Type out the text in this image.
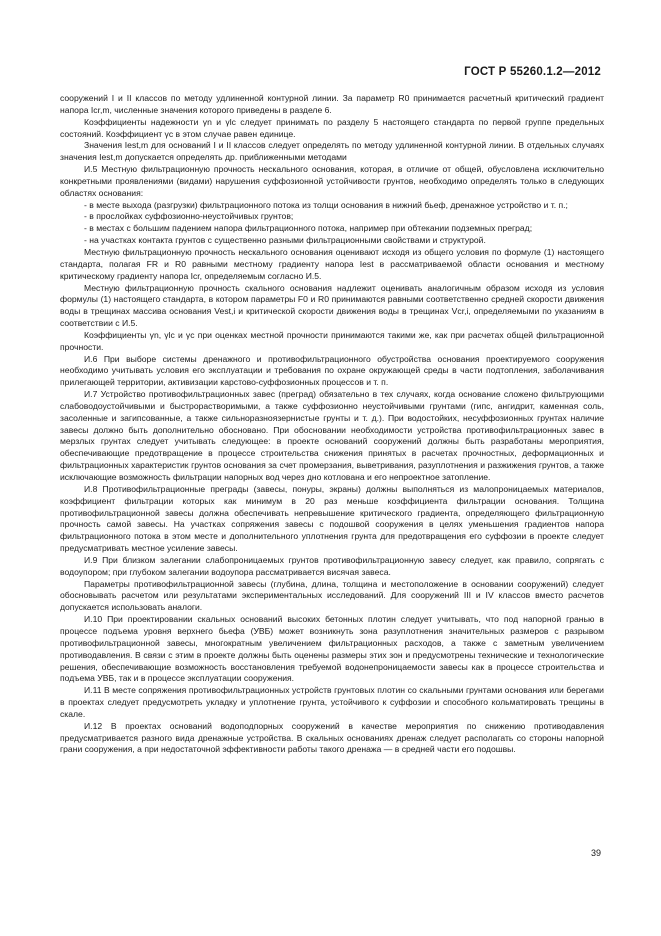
ГОСТ Р 55260.1.2—2012

сооружений I и II классов по методу удлиненной контурной линии. За параметр R0 принимается расчетный критический градиент напора Icr,m, численные значения которого приведены в разделе 6.

Коэффициенты надежности γn и γlc следует принимать по разделу 5 настоящего стандарта по первой группе предельных состояний. Коэффициент γc в этом случае равен единице.

Значения Iest,m для оснований I и II классов следует определять по методу удлиненной контурной линии. В отдельных случаях значения Iest,m допускается определять др. приближенными методами

И.5 Местную фильтрационную прочность нескального основания, которая, в отличие от общей, обусловлена исключительно конкретными проявлениями (видами) нарушения суффозионной устойчивости грунтов, необходимо определять только в следующих областях основания:

- в месте выхода (разгрузки) фильтрационного потока из толщи основания в нижний бьеф, дренажное устройство и т. п.;

- в прослойках суффозионно-неустойчивых грунтов;

- в местах с большим падением напора фильтрационного потока, например при обтекании подземных преград;

- на участках контакта грунтов с существенно разными фильтрационными свойствами и структурой.

Местную фильтрационную прочность нескального основания оценивают исходя из общего условия по формуле (1) настоящего стандарта, полагая FR и R0 равными местному градиенту напора Iest в рассматриваемой области основания и местному критическому градиенту напора Icr, определяемым согласно И.5.

Местную фильтрационную прочность скального основания надлежит оценивать аналогичным образом исходя из условия формулы (1) настоящего стандарта, в котором параметры F0 и R0 принимаются равными соответственно средней скорости движения воды в трещинах массива основания Vest,i и критической скорости движения воды в трещинах Vcr,i, определяемыми по указаниям в соответствии с И.5.

Коэффициенты γn, γlc и γc при оценках местной прочности принимаются такими же, как при расчетах общей фильтрационной прочности.

И.6 При выборе системы дренажного и противофильтрационного обустройства основания проектируемого сооружения необходимо учитывать условия его эксплуатации и требования по охране окружающей среды в части подтопления, заболачивания прилегающей территории, активизации карстово-суффозионных процессов и т. п.

И.7 Устройство противофильтрационных завес (преград) обязательно в тех случаях, когда основание сложено фильтрующими слабоводоустойчивыми и быстрорастворимыми, а также суффозионно неустойчивыми грунтами (гипс, ангидрит, каменная соль, засоленные и загипсованные, а также сильноразноязернистые грунты и т. д.). При водостойких, несуффозионных грунтах наличие завесы должно быть дополнительно обосновано. При обосновании необходимости устройства противофильтрационных завес в мерзлых грунтах следует учитывать следующее: в проекте оснований сооружений должны быть разработаны мероприятия, обеспечивающие предотвращение в процессе строительства снижения принятых в расчетах прочностных, деформационных и фильтрационных характеристик грунтов основания за счет промерзания, выветривания, разуплотнения и разжижения грунтов, а также исключающие возможность фильтрации напорных вод через дно котлована и его непроектное затопление.

И.8 Противофильтрационные преграды (завесы, понуры, экраны) должны выполняться из малопроницаемых материалов, коэффициент фильтрации которых как минимум в 20 раз меньше коэффициента фильтрации основания. Толщина противофильтрационной завесы должна обеспечивать непревышение критического градиента, определяющего фильтрационную прочность самой завесы. На участках сопряжения завесы с подошвой сооружения в целях уменьшения градиентов напора фильтрационного потока в этом месте и дополнительного уплотнения грунта для предотвращения его суффозии в проекте следует предусматривать местное усиление завесы.

И.9 При близком залегании слабопроницаемых грунтов противофильтрационную завесу следует, как правило, сопрягать с водоупором; при глубоком залегании водоупора рассматривается висячая завеса.

Параметры противофильтрационной завесы (глубина, длина, толщина и местоположение в основании сооружений) следует обосновывать расчетом или результатами экспериментальных исследований. Для сооружений III и IV классов вместо расчетов допускается использовать аналоги.

И.10 При проектировании скальных оснований высоких бетонных плотин следует учитывать, что под напорной гранью в процессе подъема уровня верхнего бьефа (УВБ) может возникнуть зона разуплотнения значительных размеров с разрывом противофильтрационной завесы, многократным увеличением фильтрационных расходов, а также с заметным увеличением противодавления. В связи с этим в проекте должны быть оценены размеры этих зон и предусмотрены технические и технологические решения, обеспечивающие возможность восстановления требуемой водонепроницаемости завесы как в процессе строительства и подъема УВБ, так и в процессе эксплуатации сооружения.

И.11 В месте сопряжения противофильтрационных устройств грунтовых плотин со скальными грунтами основания или берегами в проектах следует предусмотреть укладку и уплотнение грунта, устойчивого к суффозии и способного кольматировать трещины в скале.

И.12 В проектах оснований водоподпорных сооружений в качестве мероприятия по снижению противодавления предусматривается разного вида дренажные устройства. В скальных основаниях дренаж следует располагать со стороны напорной грани сооружения, а при недостаточной эффективности работы такого дренажа — в средней части его подошвы.

39
